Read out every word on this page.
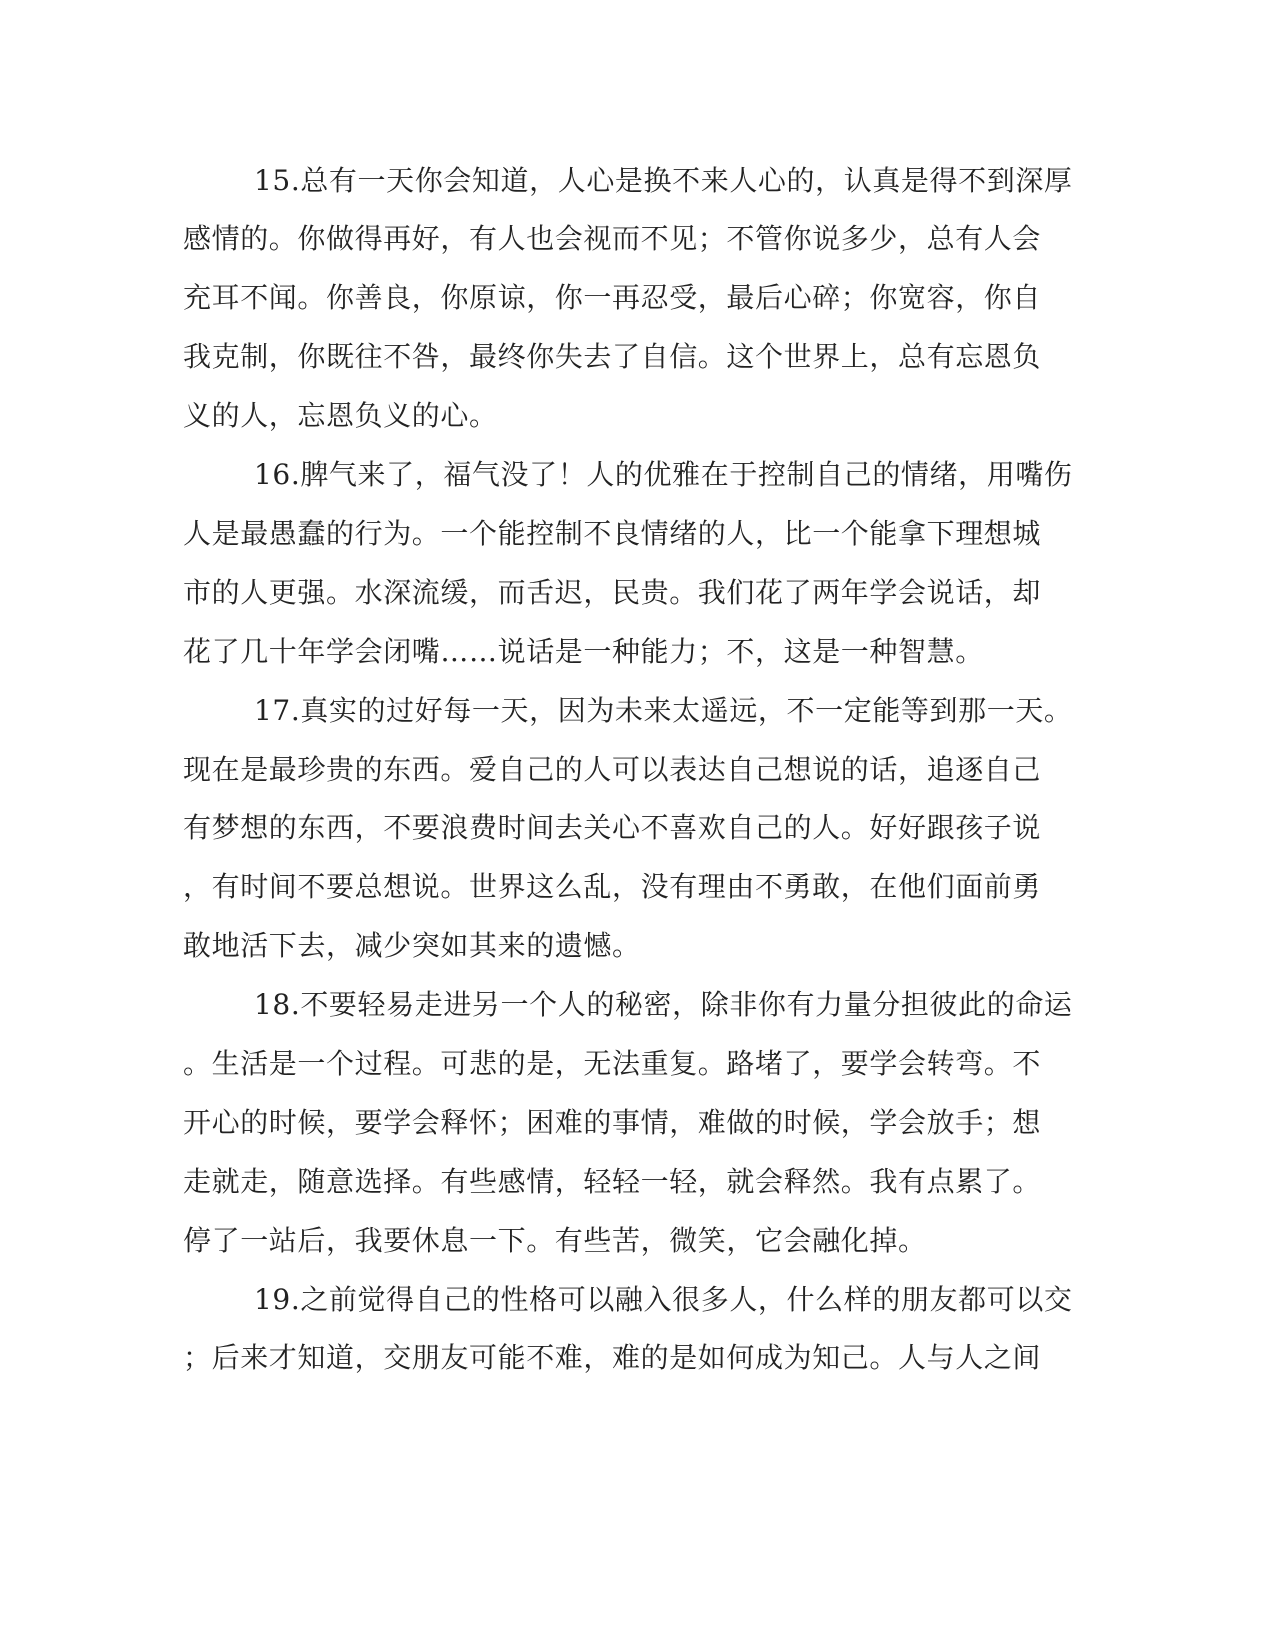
15.总有一天你会知道，人心是换不来人心的，认真是得不到深厚
感情的。你做得再好，有人也会视而不见；不管你说多少，总有人会
充耳不闻。你善良，你原谅，你一再忍受，最后心碎；你宽容，你自
我克制，你既往不咎，最终你失去了自信。这个世界上，总有忘恩负
义的人，忘恩负义的心。
16.脾气来了，福气没了！人的优雅在于控制自己的情绪，用嘴伤
人是最愚蠢的行为。一个能控制不良情绪的人，比一个能拿下理想城
市的人更强。水深流缓，而舌迟，民贵。我们花了两年学会说话，却
花了几十年学会闭嘴……说话是一种能力；不，这是一种智慧。
17.真实的过好每一天，因为未来太遥远，不一定能等到那一天。
现在是最珍贵的东西。爱自己的人可以表达自己想说的话，追逐自己
有梦想的东西，不要浪费时间去关心不喜欢自己的人。好好跟孩子说
，有时间不要总想说。世界这么乱，没有理由不勇敢，在他们面前勇
敢地活下去，减少突如其来的遗憾。
18.不要轻易走进另一个人的秘密，除非你有力量分担彼此的命运
。生活是一个过程。可悲的是，无法重复。路堵了，要学会转弯。不
开心的时候，要学会释怀；困难的事情，难做的时候，学会放手；想
走就走，随意选择。有些感情，轻轻一轻，就会释然。我有点累了。
停了一站后，我要休息一下。有些苦，微笑，它会融化掉。
19.之前觉得自己的性格可以融入很多人，什么样的朋友都可以交
；后来才知道，交朋友可能不难，难的是如何成为知己。人与人之间
